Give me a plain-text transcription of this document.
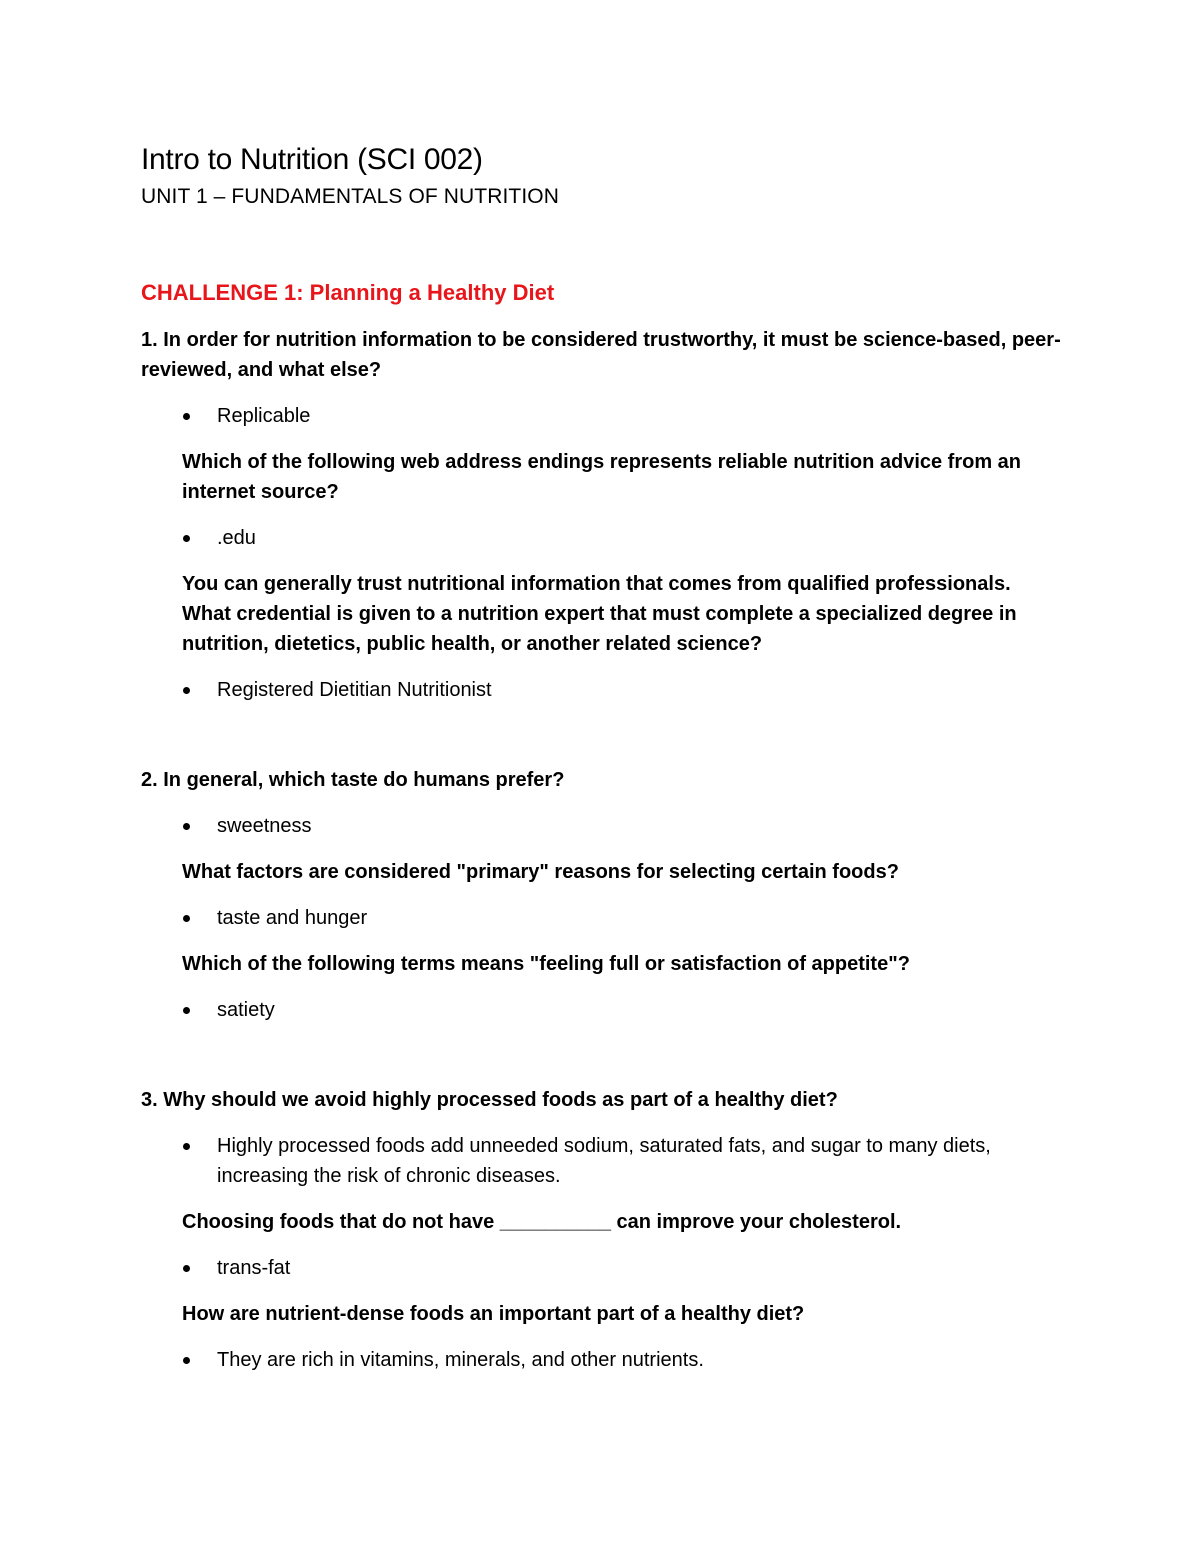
Intro to Nutrition (SCI 002)
UNIT 1 – FUNDAMENTALS OF NUTRITION
CHALLENGE 1: Planning a Healthy Diet
1. In order for nutrition information to be considered trustworthy, it must be science-based, peer-reviewed, and what else?
Replicable
Which of the following web address endings represents reliable nutrition advice from an internet source?
.edu
You can generally trust nutritional information that comes from qualified professionals. What credential is given to a nutrition expert that must complete a specialized degree in nutrition, dietetics, public health, or another related science?
Registered Dietitian Nutritionist
2. In general, which taste do humans prefer?
sweetness
What factors are considered "primary" reasons for selecting certain foods?
taste and hunger
Which of the following terms means "feeling full or satisfaction of appetite"?
satiety
3. Why should we avoid highly processed foods as part of a healthy diet?
Highly processed foods add unneeded sodium, saturated fats, and sugar to many diets, increasing the risk of chronic diseases.
Choosing foods that do not have __________ can improve your cholesterol.
trans-fat
How are nutrient-dense foods an important part of a healthy diet?
They are rich in vitamins, minerals, and other nutrients.
